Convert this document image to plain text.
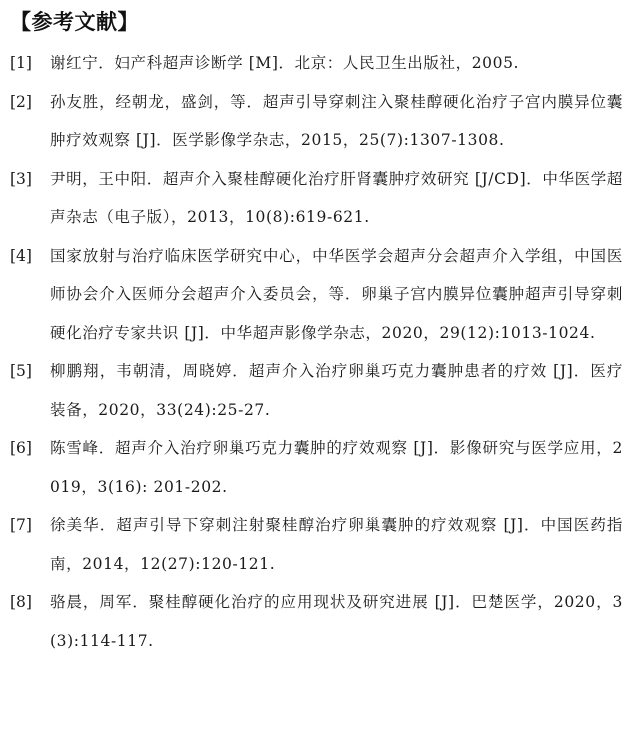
【参考文献】
[1]	谢红宁．妇产科超声诊断学 [M]．北京：人民卫生出版社，2005.
[2]	孙友胜，经朝龙，盛剑，等．超声引导穿刺注入聚桂醇硬化治疗子宫内膜异位囊肿疗效观察 [J]．医学影像学杂志，2015，25(7):1307-1308.
[3]	尹明，王中阳．超声介入聚桂醇硬化治疗肝肾囊肿疗效研究 [J/CD]．中华医学超声杂志（电子版），2013，10(8):619-621.
[4]	国家放射与治疗临床医学研究中心，中华医学会超声分会超声介入学组，中国医师协会介入医师分会超声介入委员会，等．卵巢子宫内膜异位囊肿超声引导穿刺硬化治疗专家共识 [J]．中华超声影像学杂志，2020，29(12):1013-1024.
[5]	柳鹏翔，韦朝清，周晓婷．超声介入治疗卵巢巧克力囊肿患者的疗效 [J]．医疗装备，2020，33(24):25-27.
[6]	陈雪峰．超声介入治疗卵巢巧克力囊肿的疗效观察 [J]．影像研究与医学应用，2019，3(16): 201-202.
[7]	徐美华．超声引导下穿刺注射聚桂醇治疗卵巢囊肿的疗效观察 [J]．中国医药指南，2014，12(27):120-121.
[8]	骆晨，周军．聚桂醇硬化治疗的应用现状及研究进展 [J]．巴楚医学，2020，3(3):114-117.
